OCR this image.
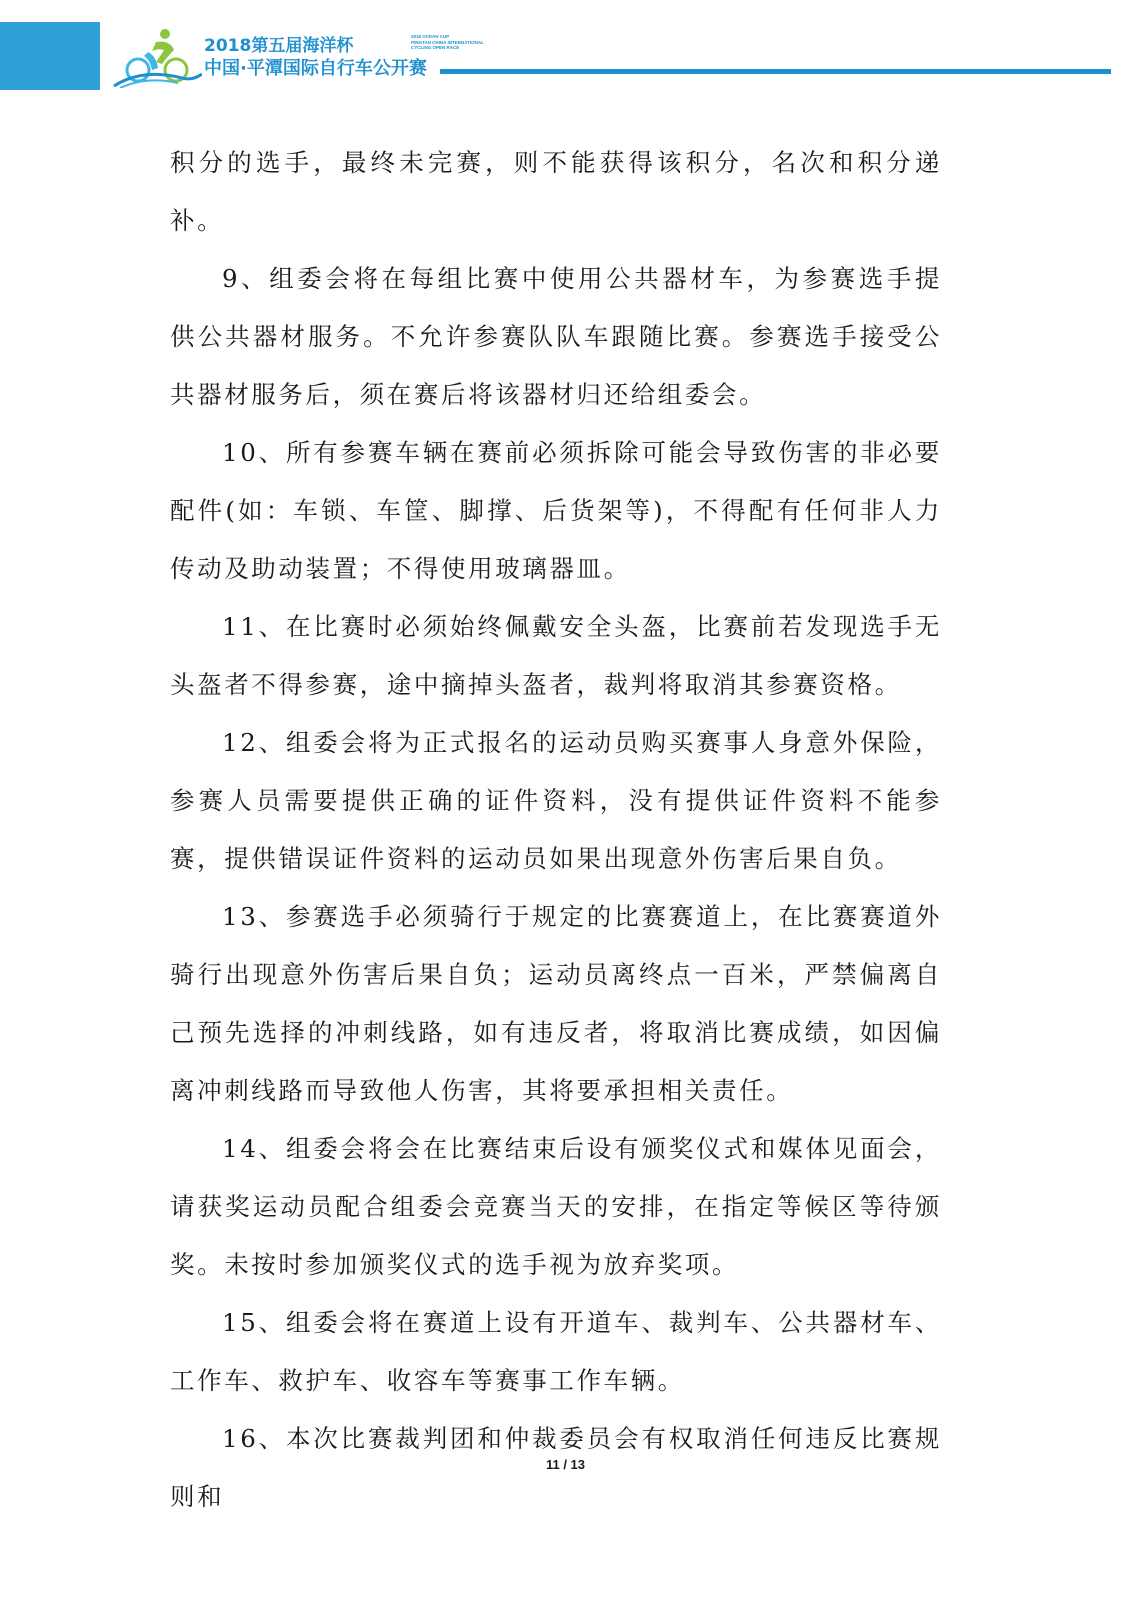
2018第五届海洋杯
中国·平潭国际自行车公开赛
2018 OCEAN CUP
PINGTAN CHINA INTERNATIONAL
CYCLING OPEN RACE

积分的选手，最终未完赛，则不能获得该积分，名次和积分递补。

9、组委会将在每组比赛中使用公共器材车，为参赛选手提供公共器材服务。不允许参赛队队车跟随比赛。参赛选手接受公共器材服务后，须在赛后将该器材归还给组委会。

10、所有参赛车辆在赛前必须拆除可能会导致伤害的非必要配件(如：车锁、车筐、脚撑、后货架等)，不得配有任何非人力传动及助动装置；不得使用玻璃器皿。

11、在比赛时必须始终佩戴安全头盔，比赛前若发现选手无头盔者不得参赛，途中摘掉头盔者，裁判将取消其参赛资格。

12、组委会将为正式报名的运动员购买赛事人身意外保险，参赛人员需要提供正确的证件资料，没有提供证件资料不能参赛，提供错误证件资料的运动员如果出现意外伤害后果自负。

13、参赛选手必须骑行于规定的比赛赛道上，在比赛赛道外骑行出现意外伤害后果自负；运动员离终点一百米，严禁偏离自己预先选择的冲刺线路，如有违反者，将取消比赛成绩，如因偏离冲刺线路而导致他人伤害，其将要承担相关责任。

14、组委会将会在比赛结束后设有颁奖仪式和媒体见面会，请获奖运动员配合组委会竞赛当天的安排，在指定等候区等待颁奖。未按时参加颁奖仪式的选手视为放弃奖项。

15、组委会将在赛道上设有开道车、裁判车、公共器材车、工作车、救护车、收容车等赛事工作车辆。

16、本次比赛裁判团和仲裁委员会有权取消任何违反比赛规则和

11 / 13
